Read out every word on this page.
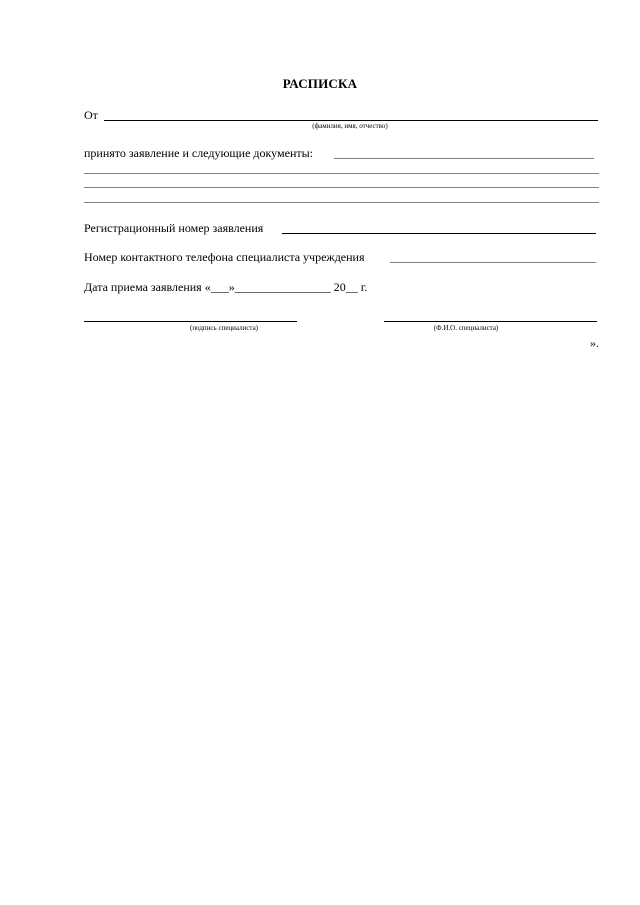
РАСПИСКА
От
(фамилия, имя, отчество)
принято заявление и следующие документы:
Регистрационный номер заявления
Номер контактного телефона специалиста учреждения
Дата приема заявления «___»________________ 20__ г.
(подпись специалиста)	(Ф.И.О. специалиста)
».
